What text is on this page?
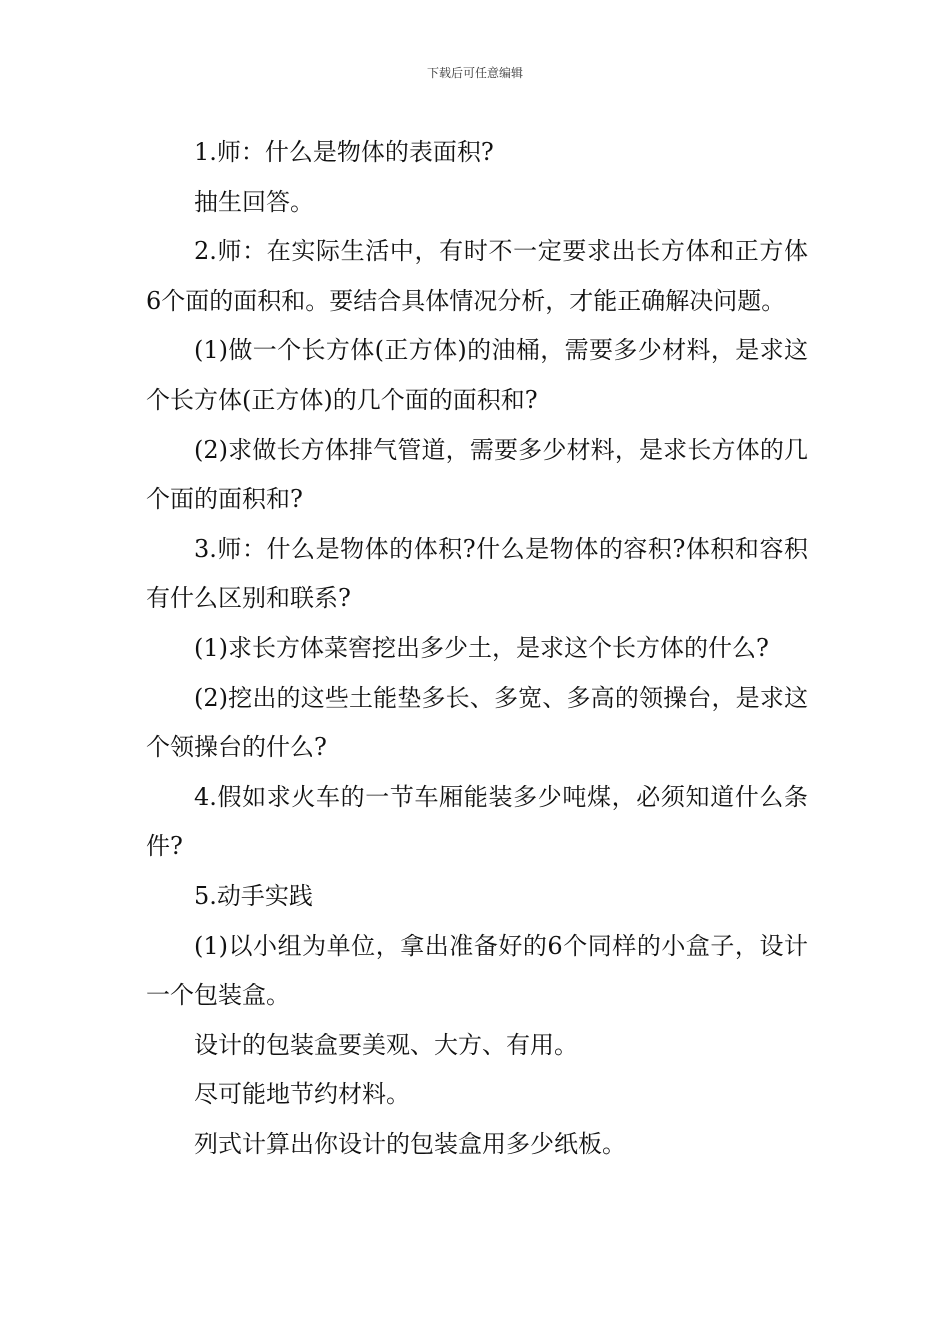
下载后可任意编辑

1.师：什么是物体的表面积?

抽生回答。

2.师：在实际生活中，有时不一定要求出长方体和正方体6个面的面积和。要结合具体情况分析，才能正确解决问题。

(1)做一个长方体(正方体)的油桶，需要多少材料，是求这个长方体(正方体)的几个面的面积和?

(2)求做长方体排气管道，需要多少材料，是求长方体的几个面的面积和?

3.师：什么是物体的体积?什么是物体的容积?体积和容积有什么区别和联系?

(1)求长方体菜窖挖出多少土，是求这个长方体的什么?

(2)挖出的这些土能垫多长、多宽、多高的领操台，是求这个领操台的什么?

4.假如求火车的一节车厢能装多少吨煤，必须知道什么条件?

5.动手实践

(1)以小组为单位，拿出准备好的6个同样的小盒子，设计一个包装盒。

设计的包装盒要美观、大方、有用。

尽可能地节约材料。

列式计算出你设计的包装盒用多少纸板。
